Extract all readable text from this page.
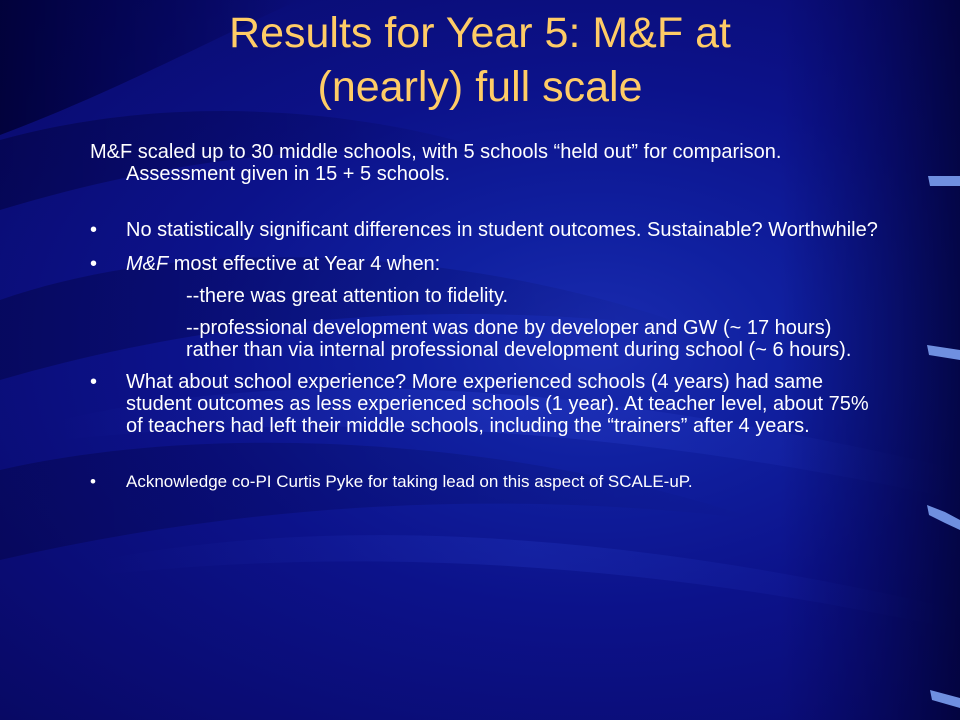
Results for Year 5: M&F at
(nearly) full scale

M&F scaled up to 30 middle schools, with 5 schools “held out” for comparison. Assessment given in 15 + 5 schools.

• No statistically significant differences in student outcomes. Sustainable? Worthwhile?

• M&F most effective at Year 4 when:

--there was great attention to fidelity.

--professional development was done by developer and GW (~ 17 hours) rather than via internal professional development during school (~ 6 hours).

• What about school experience? More experienced schools (4 years) had same student outcomes as less experienced schools (1 year). At teacher level, about 75% of teachers had left their middle schools, including the “trainers” after 4 years.

• Acknowledge co-PI Curtis Pyke for taking lead on this aspect of SCALE-uP.
